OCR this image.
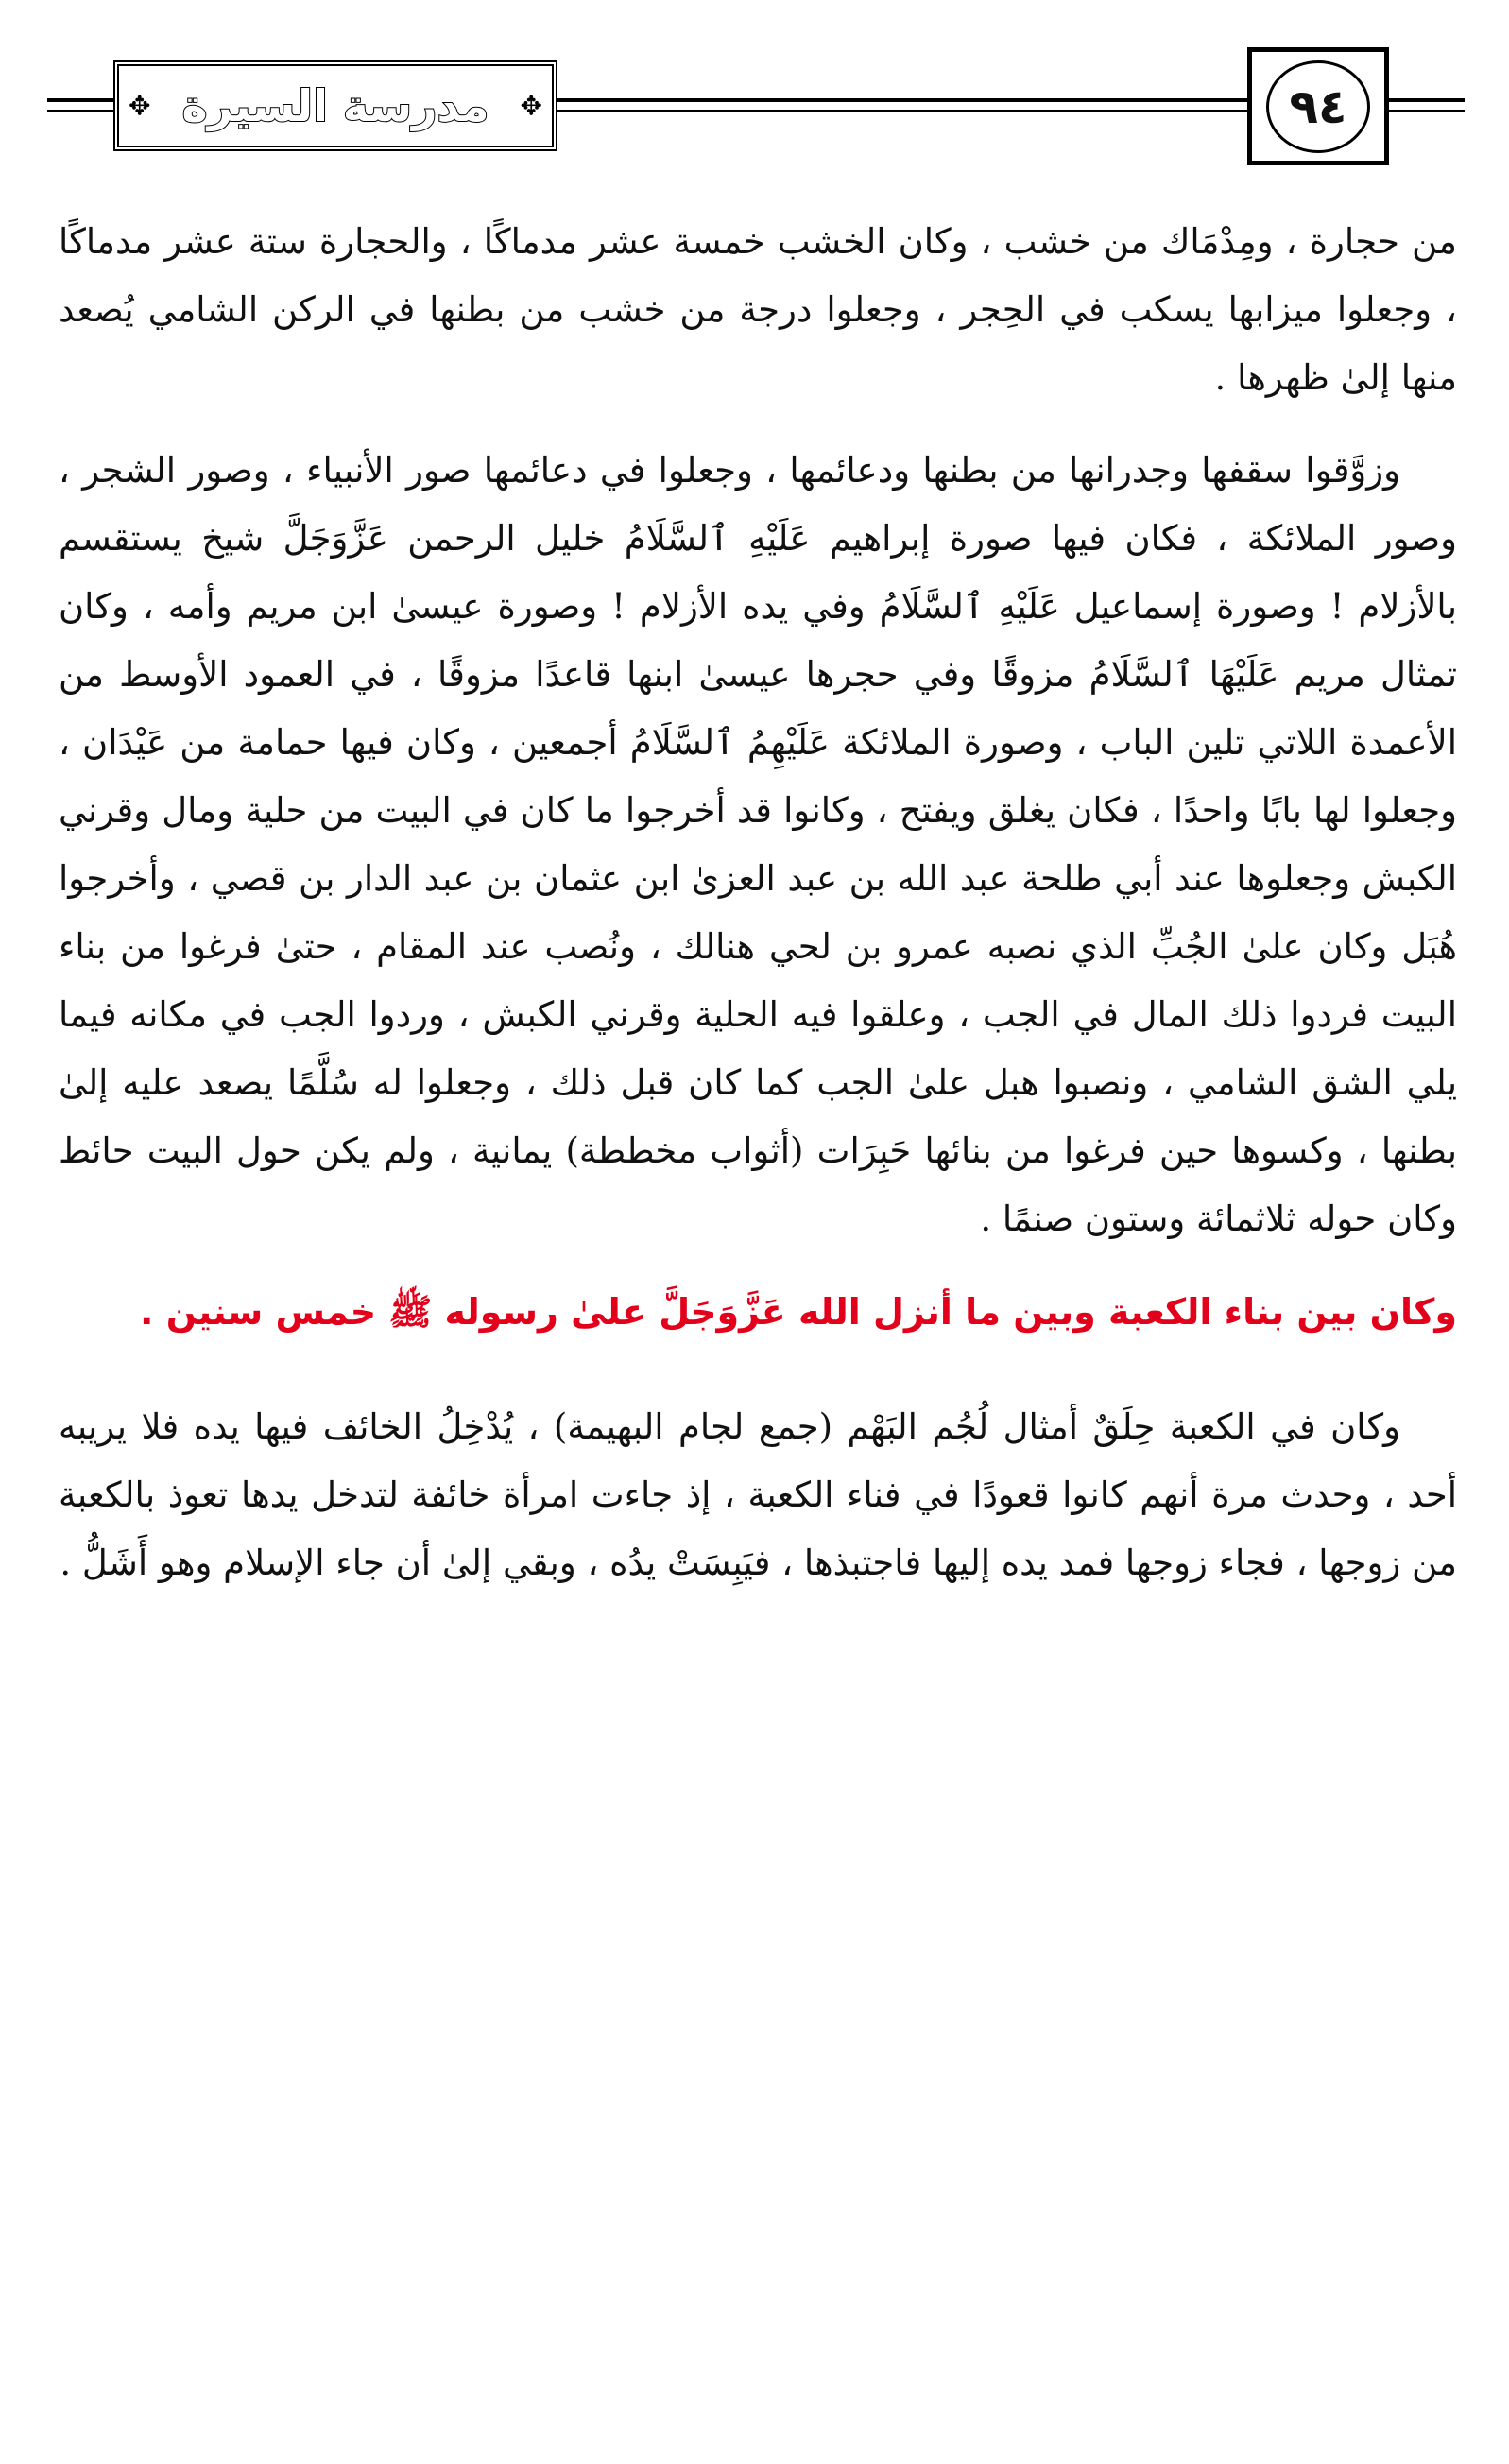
✥ مدرسة السيرة
✥	٩٤

من حجارة ، ومِدْمَاك من خشب ، وكان الخشب خمسة عشر مدماكًا ، والحجارة ستة عشر مدماكًا ، وجعلوا ميزابها يسكب في الحِجر ، وجعلوا درجة من خشب من بطنها في الركن الشامي يُصعد منها إلىٰ ظهرها .

وزوَّقوا سقفها وجدرانها من بطنها ودعائمها ، وجعلوا في دعائمها صور الأنبياء ، وصور الشجر ، وصور الملائكة ، فكان فيها صورة إبراهيم عَلَيْهِ ٱلسَّلَامُ خليل الرحمن عَزَّوَجَلَّ شيخ يستقسم بالأزلام ! وصورة إسماعيل عَلَيْهِ ٱلسَّلَامُ وفي يده الأزلام ! وصورة عيسىٰ ابن مريم وأمه ، وكان تمثال مريم عَلَيْهَا ٱلسَّلَامُ مزوقًا وفي حجرها عيسىٰ ابنها قاعدًا مزوقًا ، في العمود الأوسط من الأعمدة اللاتي تلين الباب ، وصورة الملائكة عَلَيْهِمُ ٱلسَّلَامُ أجمعين ، وكان فيها حمامة من عَيْدَان ، وجعلوا لها بابًا واحدًا ، فكان يغلق ويفتح ، وكانوا قد أخرجوا ما كان في البيت من حلية ومال وقرني الكبش وجعلوها عند أبي طلحة عبد الله بن عبد العزىٰ ابن عثمان بن عبد الدار بن قصي ، وأخرجوا هُبَل وكان علىٰ الجُبِّ الذي نصبه عمرو بن لحي هنالك ، ونُصب عند المقام ، حتىٰ فرغوا من بناء البيت فردوا ذلك المال في الجب ، وعلقوا فيه الحلية وقرني الكبش ، وردوا الجب في مكانه فيما يلي الشق الشامي ، ونصبوا هبل علىٰ الجب كما كان قبل ذلك ، وجعلوا له سُلَّمًا يصعد عليه إلىٰ بطنها ، وكسوها حين فرغوا من بنائها حَبِرَات (أثواب مخططة) يمانية ، ولم يكن حول البيت حائط وكان حوله ثلاثمائة وستون صنمًا .

وكان بين بناء الكعبة وبين ما أنزل الله عَزَّوَجَلَّ علىٰ رسوله ﷺ خمس سنين .

وكان في الكعبة حِلَقٌ أمثال لُجُم البَهْم (جمع لجام البهيمة) ، يُدْخِلُ الخائف فيها يده فلا يريبه أحد ، وحدث مرة أنهم كانوا قعودًا في فناء الكعبة ، إذ جاءت امرأة خائفة لتدخل يدها تعوذ بالكعبة من زوجها ، فجاء زوجها فمد يده إليها فاجتبذها ، فيَبِسَتْ يدُه ، وبقي إلىٰ أن جاء الإسلام وهو أَشَلُّ .
